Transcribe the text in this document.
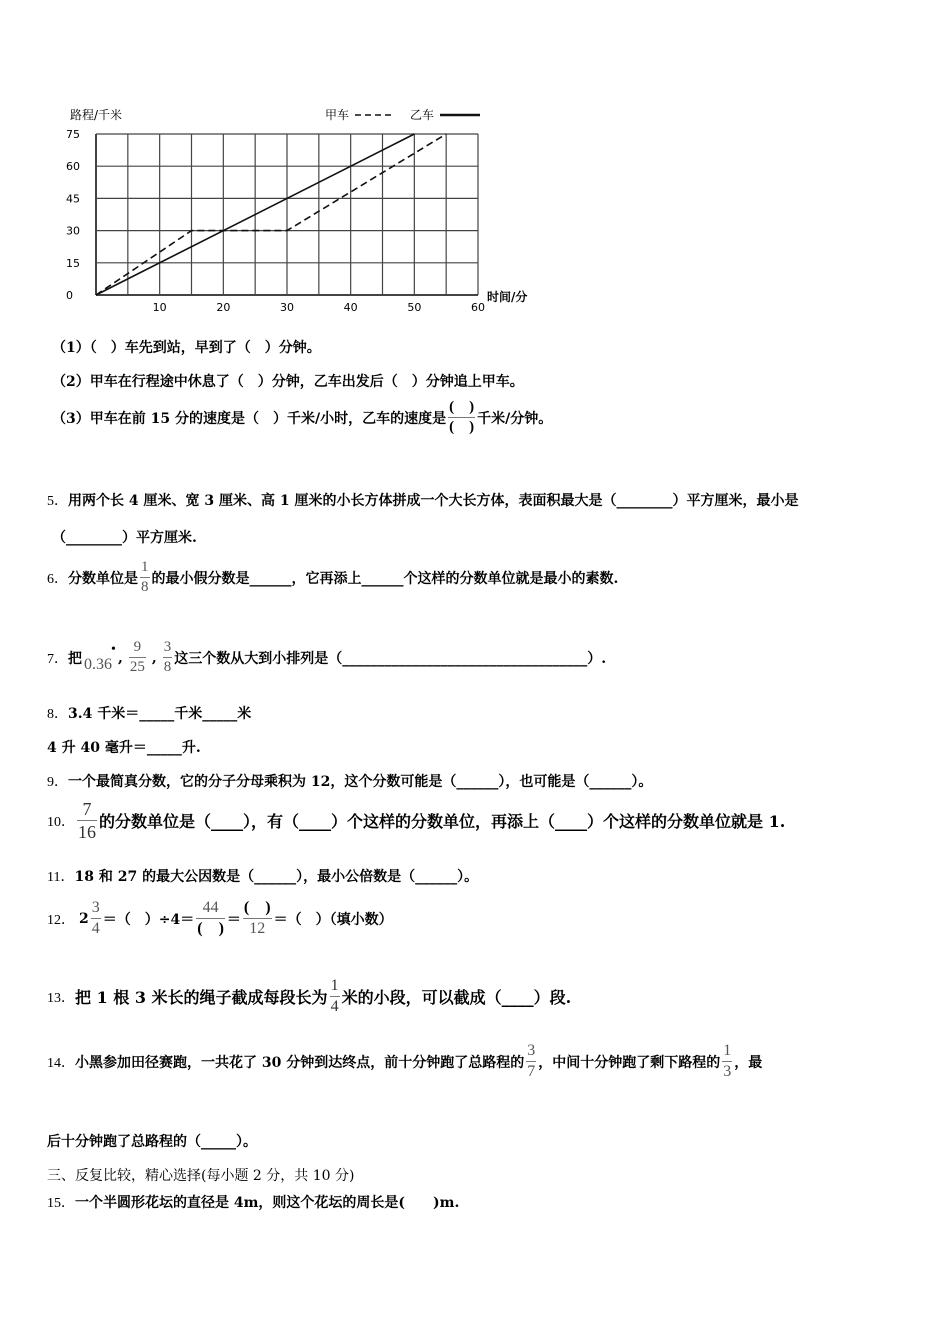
0
15
30
45
60
75
10	20	30	40	50	60
路程/千米
时间/分
甲车	乙车
（1）（　）车先到站，早到了（　）分钟。
（2）甲车在行程途中休息了（　）分钟，乙车出发后（　）分钟追上甲车。
（3）甲车在前 15 分的速度是（　）千米/小时，乙车的速度是 $\frac{( )}{( )}$ 千米/分钟。
5．用两个长 4 厘米、宽 3 厘米、高 1 厘米的小长方体拼成一个大长方体，表面积最大是（________）平方厘米，最小是
（________）平方厘米.
6． 分数单位是 $\frac{1}{8}$ 的最小假分数是______，它再添上______个这样的分数单位就是最小的素数.
7． 把 0.36
•
, $\frac{9}{25}$ , $\frac{3}{8}$ 这三个数从大到小排列是（___________________________________）.
8．3.4 千米＝_____千米_____米
4 升 40 毫升＝_____升.
9．一个最简真分数，它的分子分母乘积为 12，这个分数可能是（______），也可能是（______）。
10． $\frac{7}{16}$ 的分数单位是（____），有（____）个这样的分数单位，再添上（____）个这样的分数单位就是 1.
11．18 和 27 的最大公因数是（______），最小公倍数是（______）。
12． $2 \frac{3}{4}$ ＝（　）$\div 4= \frac{44}{( )} = \frac{( )}{12}$ ＝（　）（填小数）
13． 把 1 根 3 米长的绳子截成每段长为 $\frac{1}{4}$ 米的小段，可以截成（____）段.
14． 小黑参加田径赛跑，一共花了 30 分钟到达终点，前十分钟跑了总路程的 $\frac{3}{7}$ ，中间十分钟跑了剩下路程的 $\frac{1}{3}$ ，最
后十分钟跑了总路程的（_____）。
三、反复比较，精心选择(每小题 2 分，共 10 分)
15．一个半圆形花坛的直径是 4m，则这个花坛的周长是(　　)m.
